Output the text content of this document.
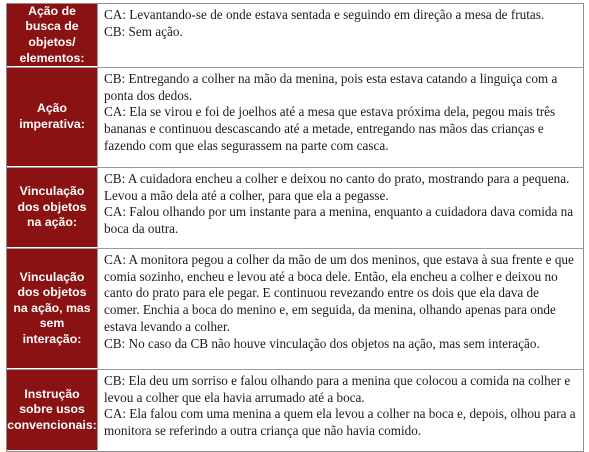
Ação de busca de objetos/ elementos:

CA: Levantando-se de onde estava sentada e seguindo em direção a mesa de frutas.

CB: Sem ação.

Ação imperativa:

CB: Entregando a colher na mão da menina, pois esta estava catando a linguiça com a ponta dos dedos.

CA: Ela se virou e foi de joelhos até a mesa que estava próxima dela, pegou mais três bananas e continuou descascando até a metade, entregando nas mãos das crianças e fazendo com que elas segurassem na parte com casca.

Vinculação dos objetos na ação:

CB: A cuidadora encheu a colher e deixou no canto do prato, mostrando para a pequena. Levou a mão dela até a colher, para que ela a pegasse.

CA: Falou olhando por um instante para a menina, enquanto a cuidadora dava comida na boca da outra.

Vinculação dos objetos na ação, mas sem interação:

CA: A monitora pegou a colher da mão de um dos meninos, que estava à sua frente e que comia sozinho, encheu e levou até a boca dele. Então, ela encheu a colher e deixou no canto do prato para ele pegar. E continuou revezando entre os dois que ela dava de comer. Enchia a boca do menino e, em seguida, da menina, olhando apenas para onde estava levando a colher.

CB: No caso da CB não houve vinculação dos objetos na ação, mas sem interação.

Instrução sobre usos convencionais:

CB: Ela deu um sorriso e falou olhando para a menina que colocou a comida na colher e levou a colher que ela havia arrumado até a boca.

CA: Ela falou com uma menina a quem ela levou a colher na boca e, depois, olhou para a monitora se referindo a outra criança que não havia comido.
